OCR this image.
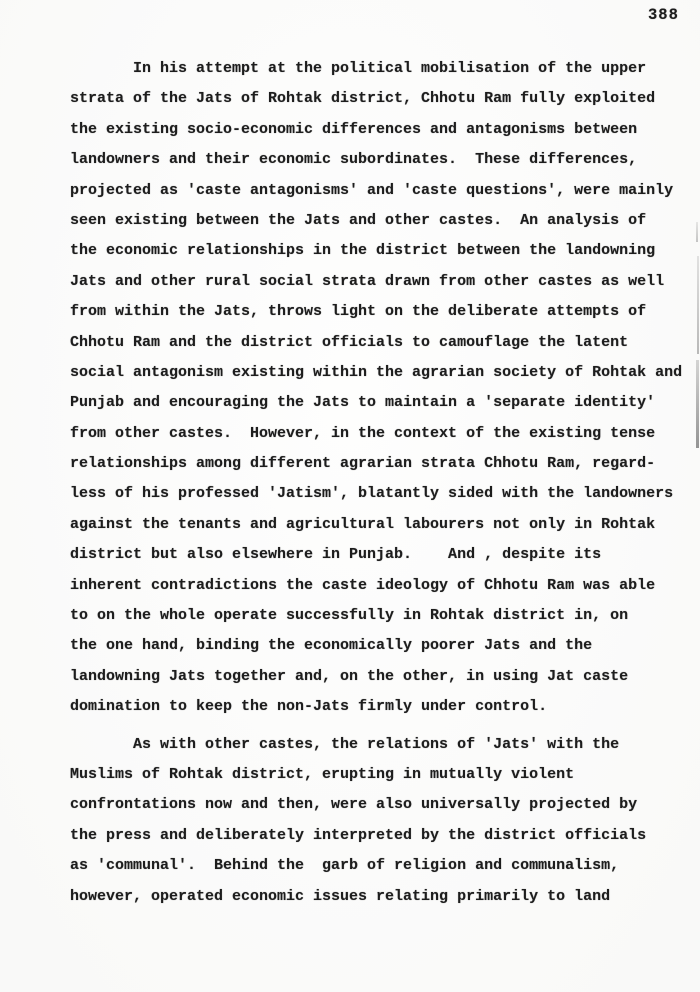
388
In his attempt at the political mobilisation of the upper
strata of the Jats of Rohtak district, Chhotu Ram fully exploited
the existing socio-economic differences and antagonisms between
landowners and their economic subordinates.  These differences,
projected as 'caste antagonisms' and 'caste questions', were mainly
seen existing between the Jats and other castes.  An analysis of
the economic relationships in the district between the landowning
Jats and other rural social strata drawn from other castes as well
from within the Jats, throws light on the deliberate attempts of
Chhotu Ram and the district officials to camouflage the latent
social antagonism existing within the agrarian society of Rohtak and
Punjab and encouraging the Jats to maintain a 'separate identity'
from other castes.  However, in the context of the existing tense
relationships among different agrarian strata Chhotu Ram, regard-
less of his professed 'Jatism', blatantly sided with the landowners
against the tenants and agricultural labourers not only in Rohtak
district but also elsewhere in Punjab.    And , despite its
inherent contradictions the caste ideology of Chhotu Ram was able
to on the whole operate successfully in Rohtak district in, on
the one hand, binding the economically poorer Jats and the
landowning Jats together and, on the other, in using Jat caste
domination to keep the non-Jats firmly under control.
As with other castes, the relations of 'Jats' with the
Muslims of Rohtak district, erupting in mutually violent
confrontations now and then, were also universally projected by
the press and deliberately interpreted by the district officials
as 'communal'.  Behind the  garb of religion and communalism,
however, operated economic issues relating primarily to land
